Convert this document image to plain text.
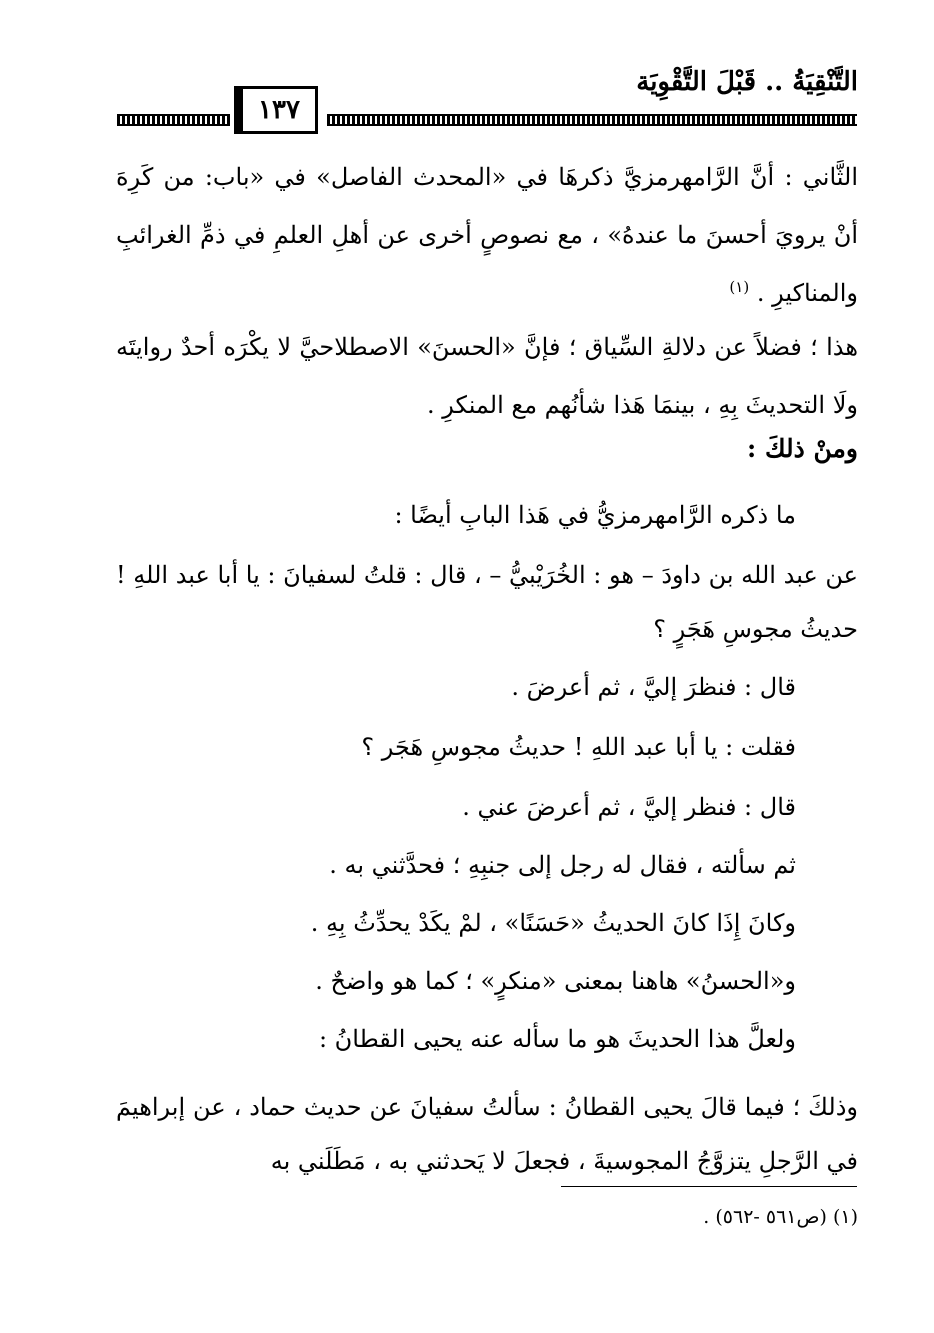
التَّنْقِيَةُ .. قَبْلَ التَّقْوِيَة
١٣٧
الثَّاني : أنَّ الرَّامهرمزيَّ ذكرهَا في «المحدث الفاصل» في «باب: من كَرِهَ أنْ يرويَ أحسنَ ما عندهُ» ، مع نصوصٍ أخرى عن أهلِ العلمِ في ذمِّ الغرائبِ والمناكيرِ . $^{(١)}$
هذا ؛ فضلاً عن دلالةِ السِّياق ؛ فإنَّ «الحسنَ» الاصطلاحيَّ لا يكْرَه أحدٌ روايتَه ولَا التحديثَ بِهِ ، بينمَا هَذا شأنُهم مع المنكرِ .
ومنْ ذلكَ :
ما ذكره الرَّامهرمزيُّ في هَذا البابِ أيضًا :
عن عبد الله بن داودَ – هو : الخُرَيْبيُّ – ، قال : قلتُ لسفيانَ : يا أبا عبد اللهِ ! حديثُ مجوسِ هَجَرٍ ؟
قال : فنظرَ إليَّ ، ثم أعرضَ .
فقلت : يا أبا عبد اللهِ ! حديثُ مجوسِ هَجَر ؟
قال : فنظر إليَّ ، ثم أعرضَ عني .
ثم سألته ، فقال له رجل إلى جنبِهِ ؛ فحدَّثني به .
وكانَ إِذَا كانَ الحديثُ «حَسَنًا» ، لمْ يكَدْ يحدِّثُ بِهِ .
و«الحسنُ» هاهنا بمعنى «منكرٍ» ؛ كما هو واضحٌ .
ولعلَّ هذا الحديثَ هو ما سأله عنه يحيى القطانُ :
وذلكَ ؛ فيما قالَ يحيى القطانُ : سألتُ سفيانَ عن حديث حماد ، عن إبراهيمَ في الرَّجلِ يتزوَّجُ المجوسيةَ ، فجعلَ لا يَحدثني به ، مَطَلَني به
(١) (ص٥٦١ -٥٦٢) .
